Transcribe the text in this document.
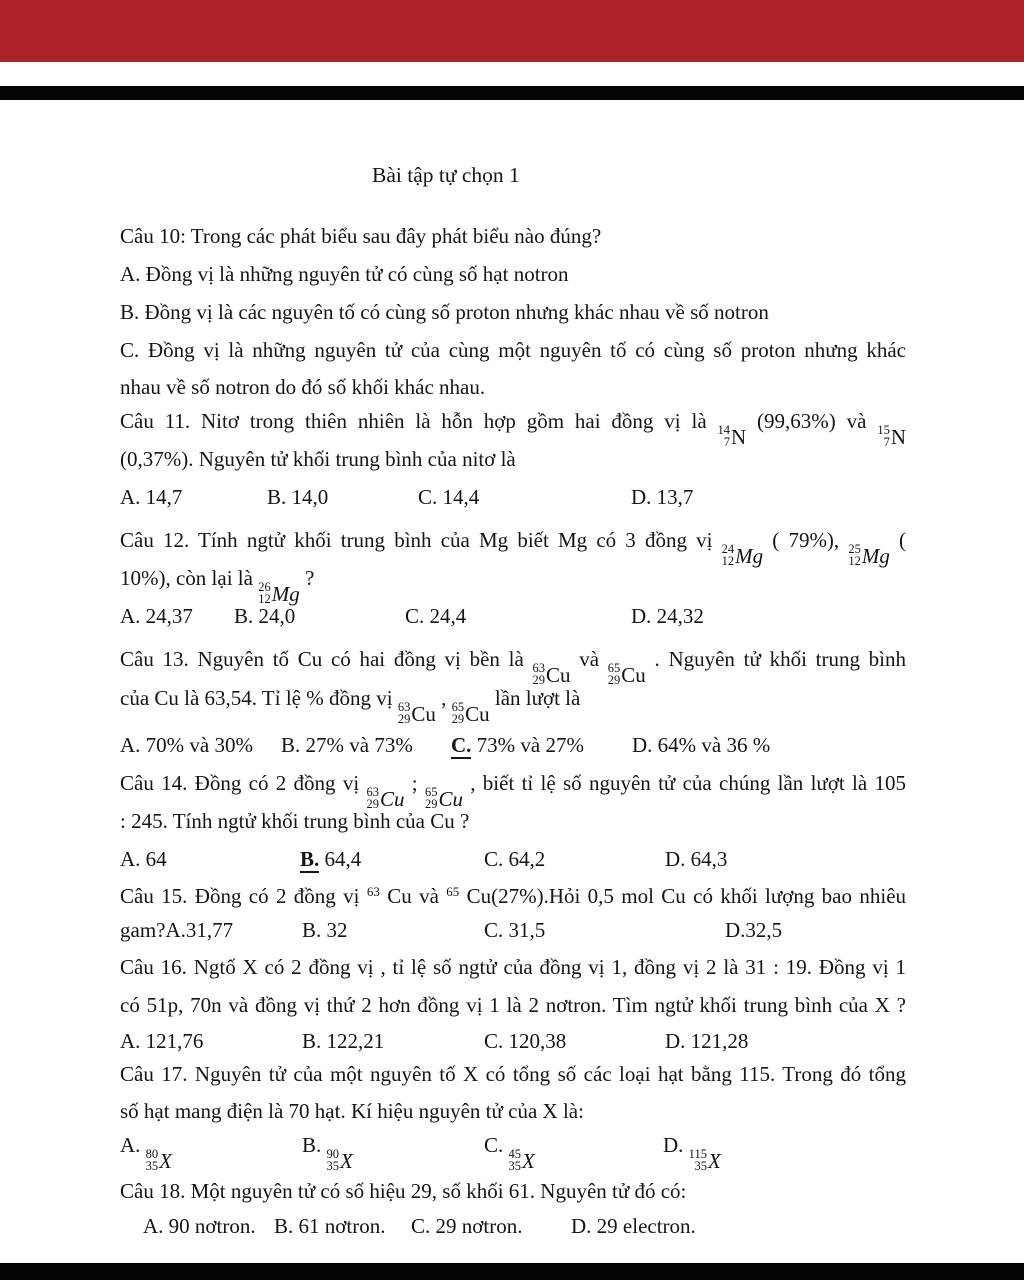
Bài tập tự chọn 1
Câu 10: Trong các phát biểu sau đây phát biểu nào đúng?
A. Đồng vị là những nguyên tử có cùng số hạt notron
B. Đồng vị là các nguyên tố có cùng số proton nhưng khác nhau về số notron
C. Đồng vị là những nguyên tử của cùng một nguyên tố có cùng số proton nhưng khác
nhau về số notron do đó số khối khác nhau.
Câu 11. Nitơ trong thiên nhiên là hỗn hợp gồm hai đồng vị là 14
7 N
(99,63%) và 15
7 N
(0,37%). Nguyên tử khối trung bình của nitơ là
A. 14,7	B. 14,0	C. 14,4	D. 13,7
Câu 12. Tính ngtử khối trung bình của Mg biết Mg có 3 đồng vị 24
12 Mg
( 79%), 25
12 Mg
(
10%), còn lại là 26
12 Mg
?
A. 24,37 B. 24,0	C. 24,4	D. 24,32
Câu 13. Nguyên tố Cu có hai đồng vị bền là 63
29 Cu
và 65
29 Cu
. Nguyên tử khối trung bình
của Cu là 63,54. Tỉ lệ % đồng vị 63
29 Cu
, 65
29 Cu
lần lượt là
A. 70% và 30% B. 27% và 73% C. 73% và 27% D. 64% và 36 %
Câu 14. Đồng có 2 đồng vị 63
29 Cu
; 65
29 Cu
, biết tỉ lệ số nguyên tử của chúng lần lượt là 105
: 245. Tính ngtử khối trung bình của Cu ?
A. 64	B. 64,4	C. 64,2	D. 64,3
Câu 15. Đồng có 2 đồng vị $^{63}$ Cu và $^{65}$ Cu(27%).Hỏi 0,5 mol Cu có khối lượng bao nhiêu
gam?A.31,77	B. 32	C. 31,5	D.32,5
Câu 16. Ngtố X có 2 đồng vị , tỉ lệ số ngtử của đồng vị 1, đồng vị 2 là 31 : 19. Đồng vị 1
có 51p, 70n và đồng vị thứ 2 hơn đồng vị 1 là 2 nơtron. Tìm ngtử khối trung bình của X ?
A. 121,76	B. 122,21	C. 120,38	D. 121,28
Câu 17. Nguyên tử của một nguyên tố X có tổng số các loại hạt bằng 115. Trong đó tổng
số hạt mang điện là 70 hạt. Kí hiệu nguyên tử của X là:
A. 80
35 X
B. 90
35 X
C. 45
35 X
D. 115
35 X
Câu 18. Một nguyên tử có số hiệu 29, số khối 61. Nguyên tử đó có:
A. 90 nơtron. B. 61 nơtron. C. 29 nơtron. D. 29 electron.
